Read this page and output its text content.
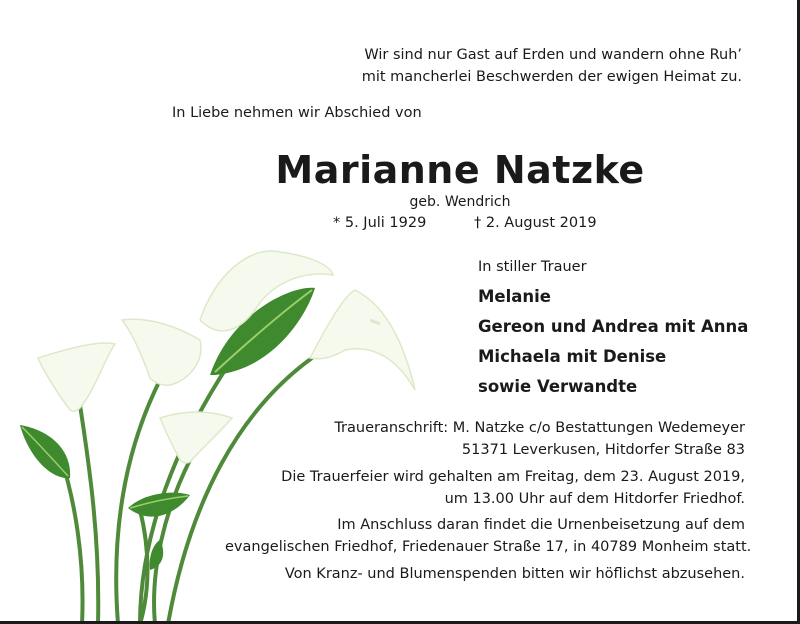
Wir sind nur Gast auf Erden und wandern ohne Ruh’
mit mancherlei Beschwerden der ewigen Heimat zu.
In Liebe nehmen wir Abschied von
Marianne Natzke
geb. Wendrich
* 5. Juli 1929	† 2. August 2019
In stiller Trauer
Melanie
Gereon und Andrea mit Anna
Michaela mit Denise
sowie Verwandte
Traueranschrift: M. Natzke c/o Bestattungen Wedemeyer
51371 Leverkusen, Hitdorfer Straße 83
Die Trauerfeier wird gehalten am Freitag, dem 23. August 2019,
um 13.00 Uhr auf dem Hitdorfer Friedhof.
Im Anschluss daran findet die Urnenbeisetzung auf dem
evangelischen Friedhof, Friedenauer Straße 17, in 40789 Monheim statt.
Von Kranz- und Blumenspenden bitten wir höflichst abzusehen.
